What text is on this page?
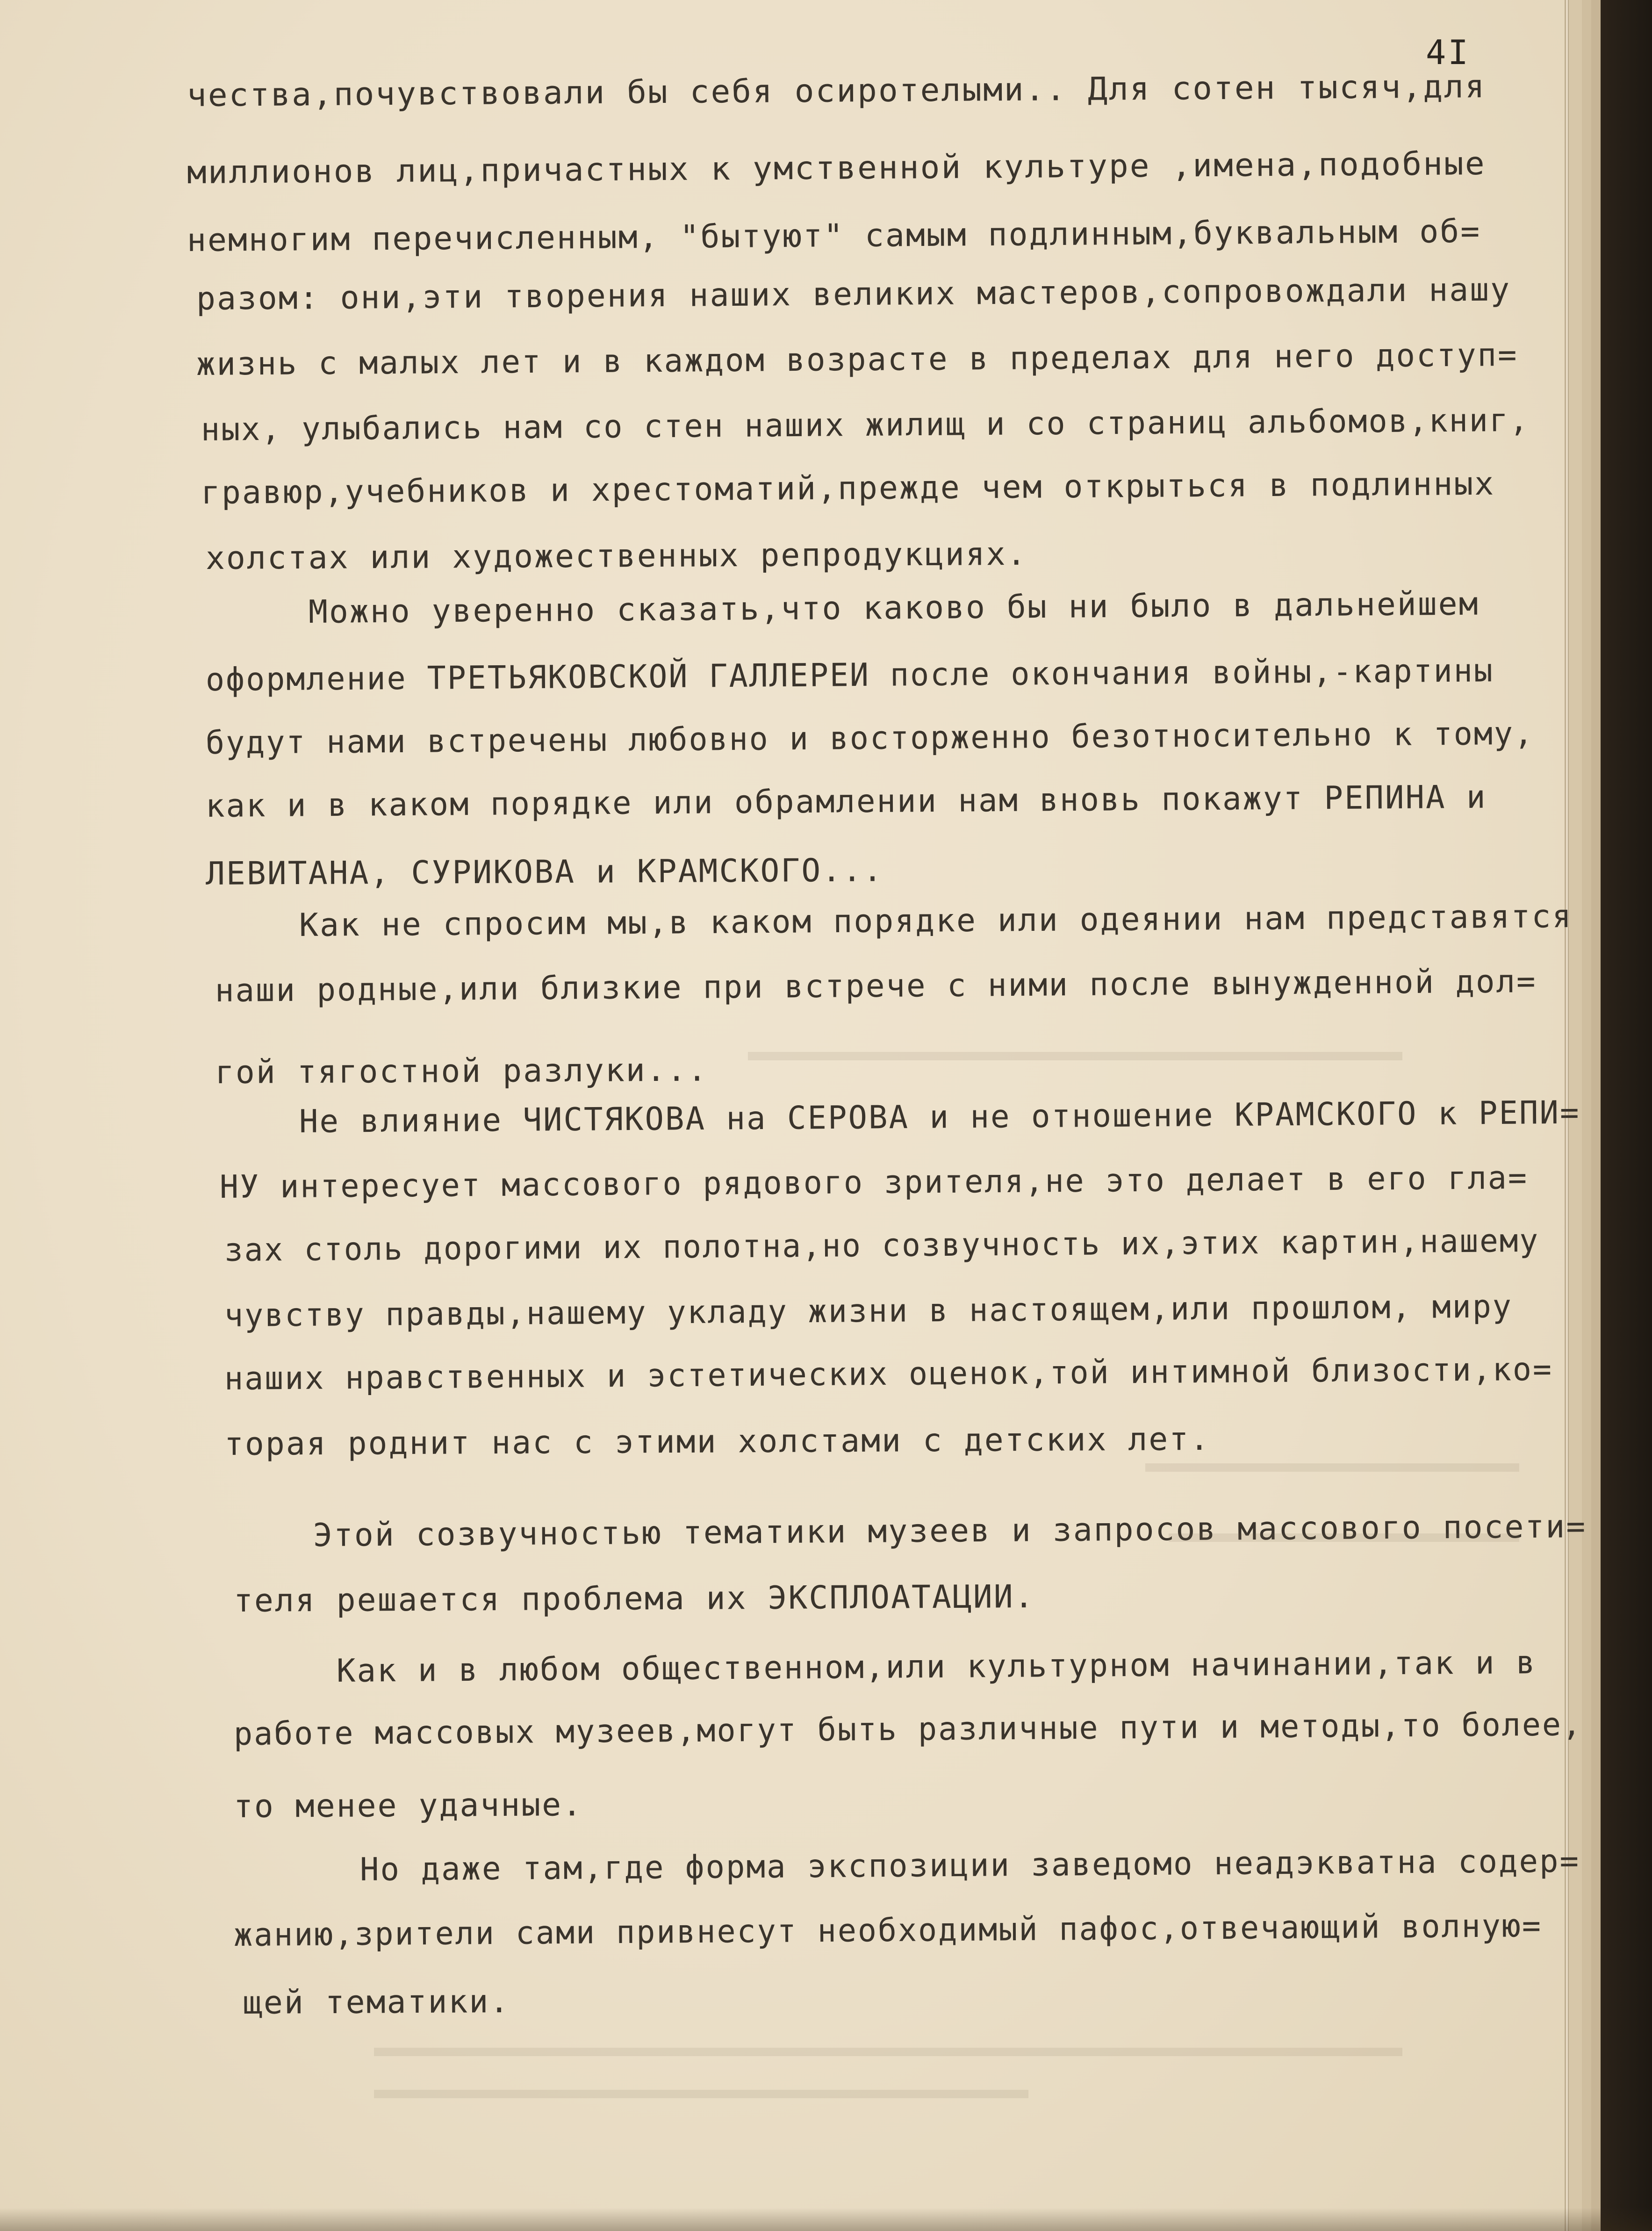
4I
чества,почувствовали бы себя осиротелыми.. Для сотен тысяч,для
миллионов лиц,причастных к умственной культуре ,имена,подобные
немногим перечисленным, "бытуют" самым подлинным,буквальным об=
разом: они,эти творения наших великих мастеров,сопровождали нашу
жизнь с малых лет и в каждом возрасте в пределах для него доступ=
ных, улыбались нам со стен наших жилищ и со страниц альбомов,книг,
гравюр,учебников и хрестоматий,прежде чем открыться в подлинных
холстах или художественных репродукциях.
Можно уверенно сказать,что каково бы ни было в дальнейшем
оформление ТРЕТЬЯКОВСКОЙ ГАЛЛЕРЕИ после окончания войны,-картины
будут нами встречены любовно и восторженно безотносительно к тому,
как и в каком порядке или обрамлении нам вновь покажут РЕПИНА и
ЛЕВИТАНА, СУРИКОВА и КРАМСКОГО...
Как не спросим мы,в каком порядке или одеянии нам представятся
наши родные,или близкие при встрече с ними после вынужденной дол=
гой тягостной разлуки...
Не влияние ЧИСТЯКОВА на СЕРОВА и не отношение КРАМСКОГО к РЕПИ=
НУ интересует массового рядового зрителя,не это делает в его гла=
зах столь дорогими их полотна,но созвучность их,этих картин,нашему
чувству правды,нашему укладу жизни в настоящем,или прошлом, миру
наших нравственных и эстетических оценок,той интимной близости,ко=
торая роднит нас с этими холстами с детских лет.
Этой созвучностью тематики музеев и запросов массового посети=
теля решается проблема их ЭКСПЛОАТАЦИИ.
Как и в любом общественном,или культурном начинании,так и в
работе массовых музеев,могут быть различные пути и методы,то более,
то менее удачные.
Но даже там,где форма экспозиции заведомо неадэкватна содер=
жанию,зрители сами привнесут необходимый пафос,отвечающий волную=
щей тематики.
